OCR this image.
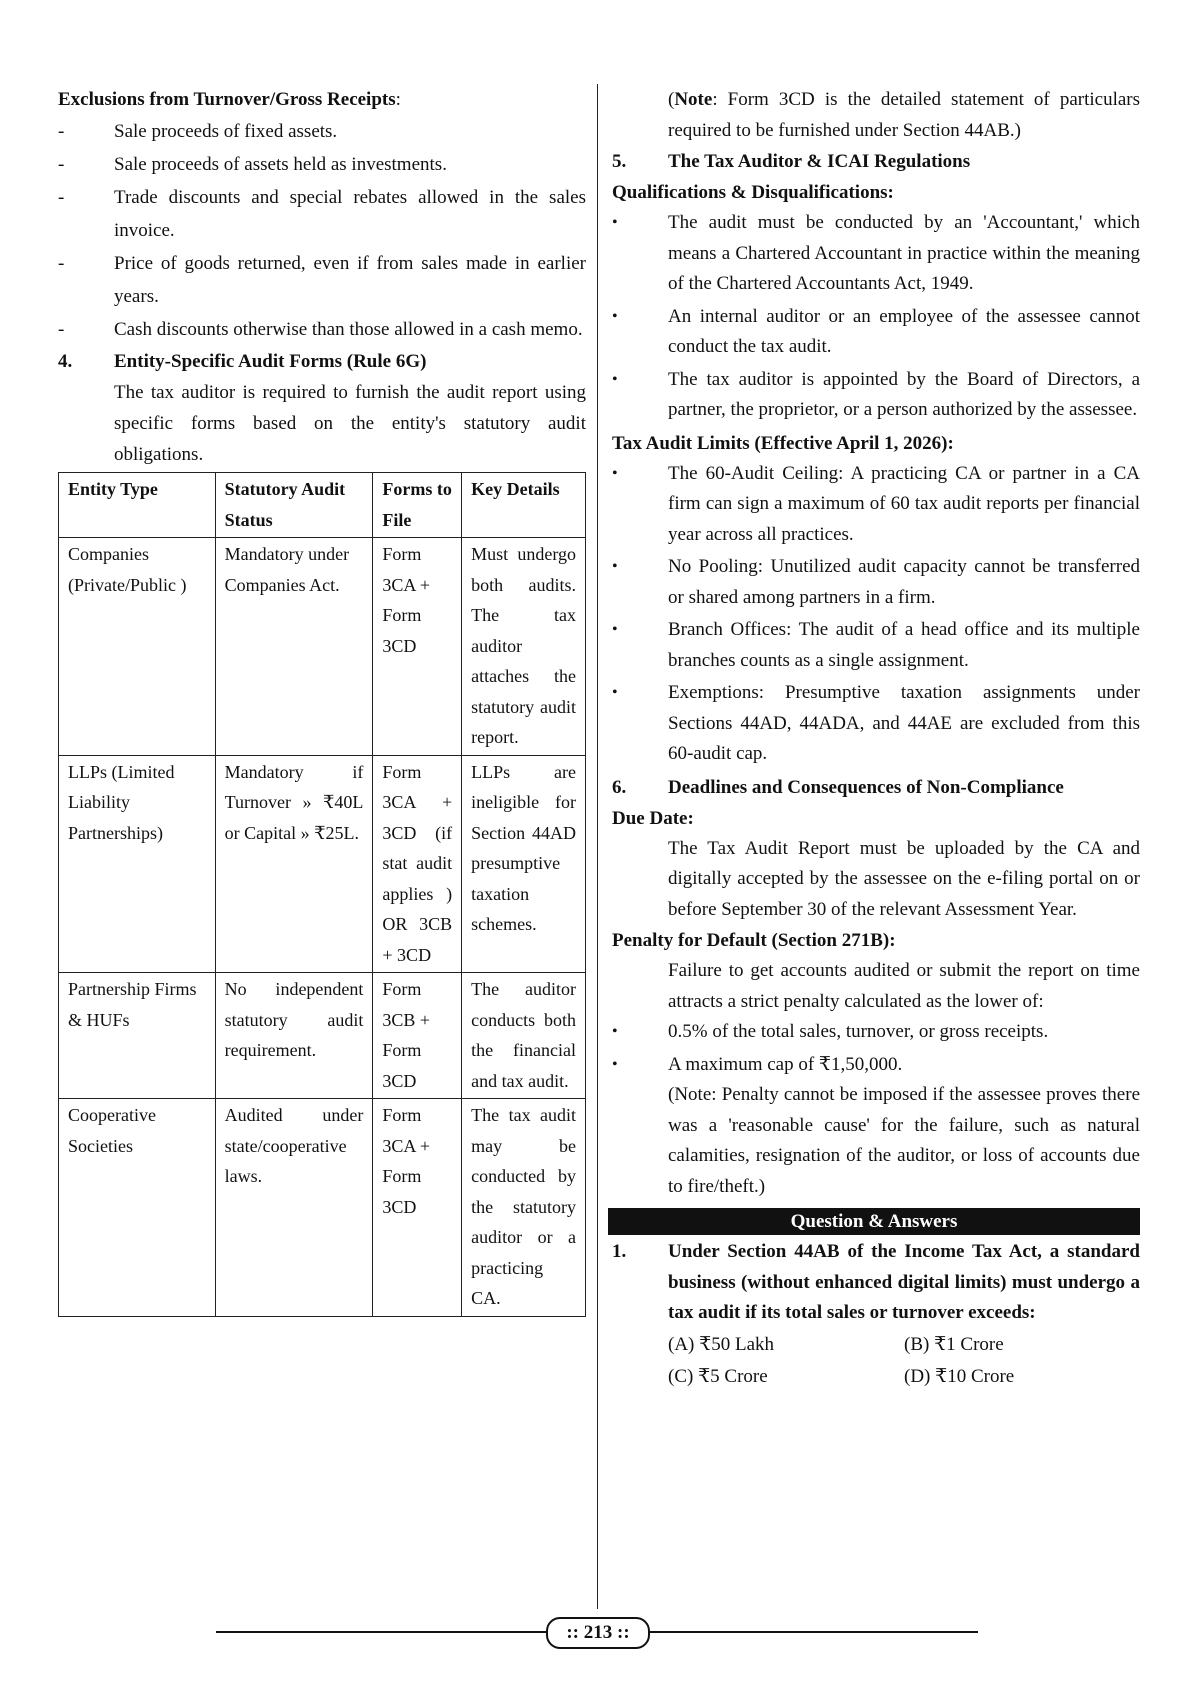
Exclusions from Turnover/Gross Receipts:

-	Sale proceeds of fixed assets.
-	Sale proceeds of assets held as investments.
-	Trade discounts and special rebates allowed in the sales invoice.
-	Price of goods returned, even if from sales made in earlier years.
-	Cash discounts otherwise than those allowed in a cash memo.
4.	Entity-Specific Audit Forms (Rule 6G)

The tax auditor is required to furnish the audit report using specific forms based on the entity's statutory audit obligations.

Entity Type	Statutory Audit Status	Forms to File	Key Details
Companies (Private/Public )	Mandatory under Companies Act.	Form 3CA + Form 3CD	Must undergo both audits. The tax auditor attaches the statutory audit report.
LLPs (Limited Liability Partnerships)	Mandatory if Turnover » ₹40L or Capital » ₹25L.	Form 3CA + 3CD (if stat audit applies ) OR 3CB + 3CD	LLPs are ineligible for Section 44AD presumptive taxation schemes.
Partnership Firms & HUFs	No independent statutory audit requirement.	Form 3CB + Form 3CD	The auditor conducts both the financial and tax audit.
Cooperative Societies	Audited under state/cooperative laws.	Form 3CA + Form 3CD	The tax audit may be conducted by the statutory auditor or a practicing CA.

(Note: Form 3CD is the detailed statement of particulars required to be furnished under Section 44AB.)

5.	The Tax Auditor & ICAI Regulations

Qualifications & Disqualifications:

•	The audit must be conducted by an 'Accountant,' which means a Chartered Accountant in practice within the meaning of the Chartered Accountants Act, 1949.
•	An internal auditor or an employee of the assessee cannot conduct the tax audit.
•	The tax auditor is appointed by the Board of Directors, a partner, the proprietor, or a person authorized by the assessee.

Tax Audit Limits (Effective April 1, 2026):

•	The 60-Audit Ceiling: A practicing CA or partner in a CA firm can sign a maximum of 60 tax audit reports per financial year across all practices.
•	No Pooling: Unutilized audit capacity cannot be transferred or shared among partners in a firm.
•	Branch Offices: The audit of a head office and its multiple branches counts as a single assignment.
•	Exemptions: Presumptive taxation assignments under Sections 44AD, 44ADA, and 44AE are excluded from this 60-audit cap.
6.	Deadlines and Consequences of Non-Compliance

Due Date:

The Tax Audit Report must be uploaded by the CA and digitally accepted by the assessee on the e-filing portal on or before September 30 of the relevant Assessment Year.

Penalty for Default (Section 271B):

Failure to get accounts audited or submit the report on time attracts a strict penalty calculated as the lower of:

•	0.5% of the total sales, turnover, or gross receipts.
•	A maximum cap of ₹1,50,000.

(Note: Penalty cannot be imposed if the assessee proves there was a 'reasonable cause' for the failure, such as natural calamities, resignation of the auditor, or loss of accounts due to fire/theft.)

Question & Answers
1.	Under Section 44AB of the Income Tax Act, a standard business (without enhanced digital limits) must undergo a tax audit if its total sales or turnover exceeds:
(A) ₹50 Lakh	(B) ₹1 Crore
(C) ₹5 Crore	(D) ₹10 Crore
:: 213 ::
